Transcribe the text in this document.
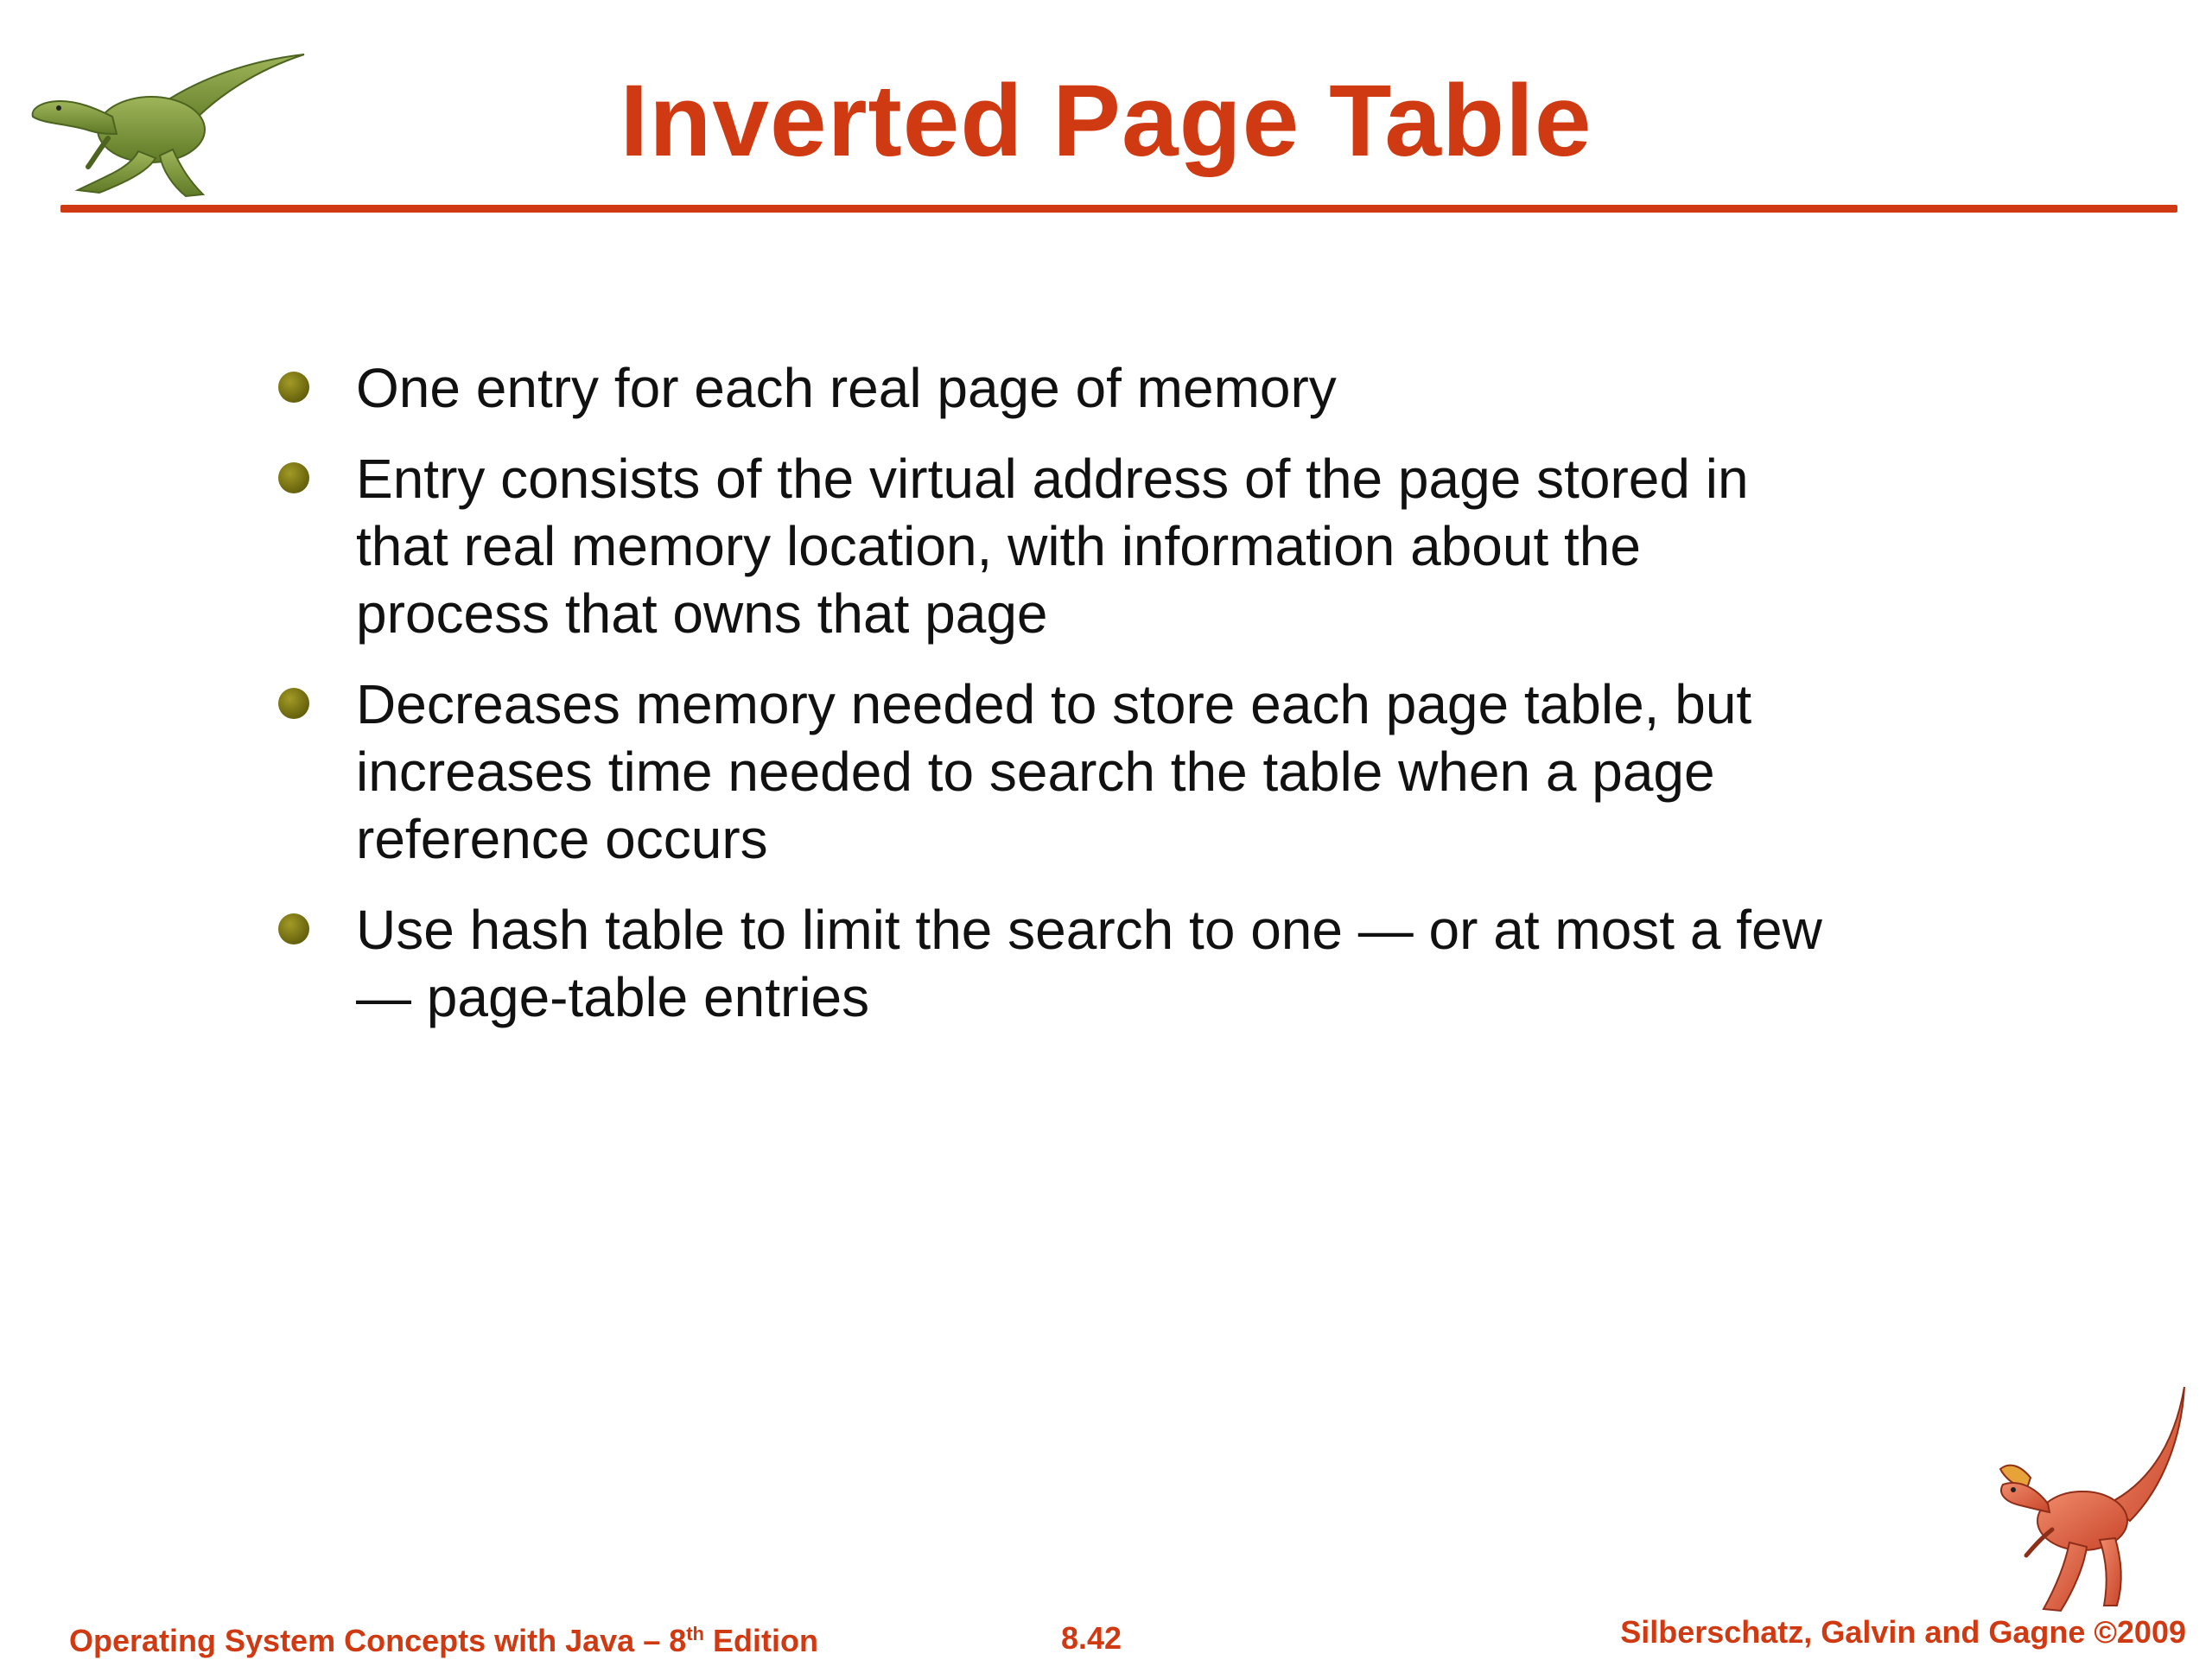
Inverted Page Table
One entry for each real page of memory
Entry consists of the virtual address of the page stored in that real memory location, with information about the process that owns that page
Decreases memory needed to store each page table, but increases time needed to search the table when a page reference occurs
Use hash table to limit the search to one — or at most a few — page-table entries
Operating System Concepts with Java – 8th Edition	8.42	Silberschatz, Galvin and Gagne ©2009
